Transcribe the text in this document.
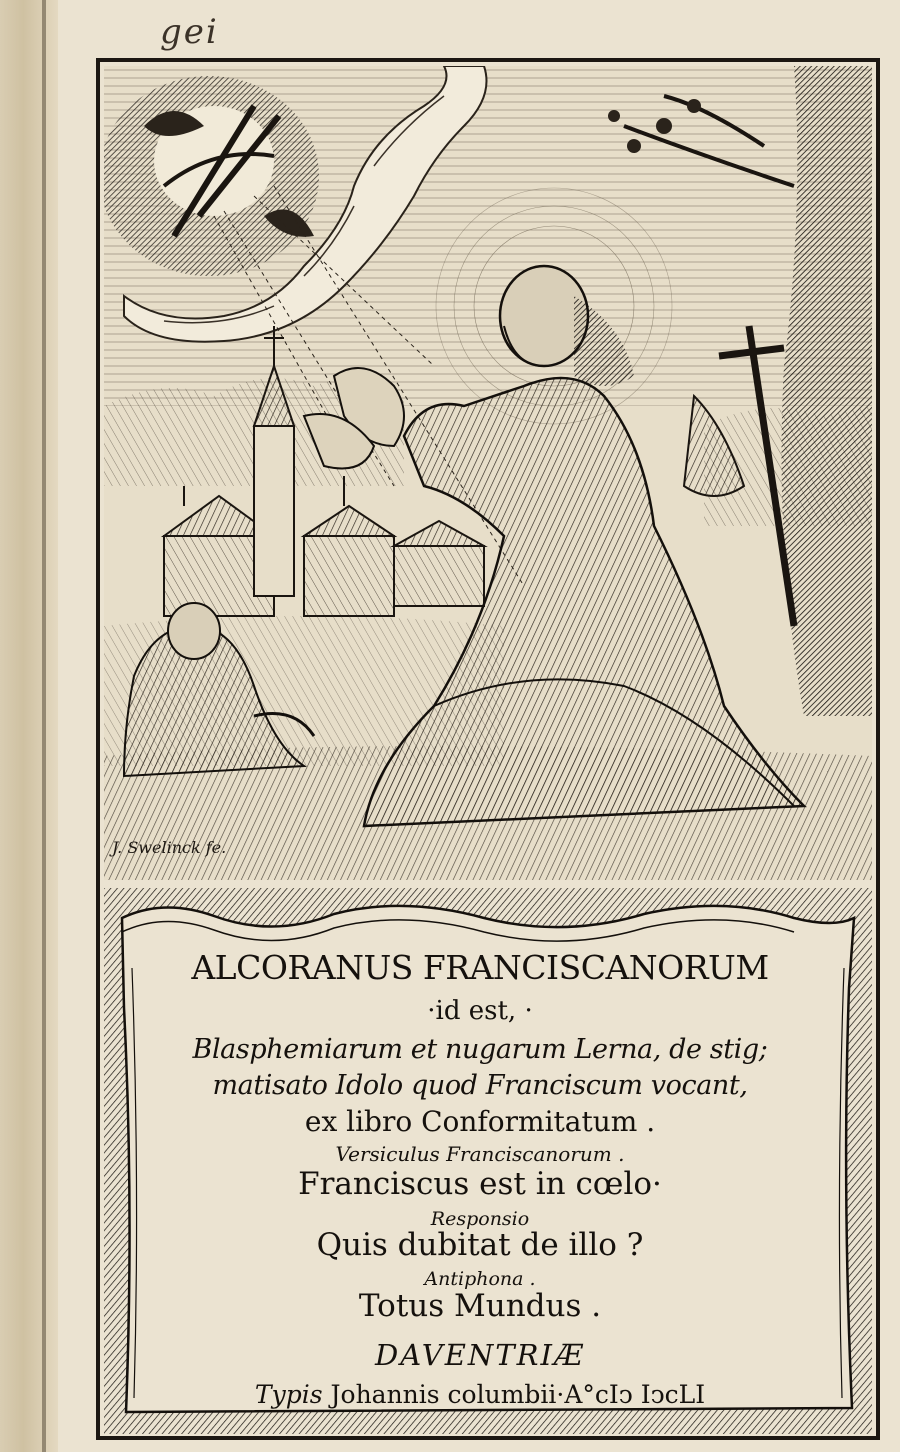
gei
J. Swelinck fe.
ALCORANUS FRANCISCANORUM
·id est, ·
Blasphemiarum et nugarum Lerna, de stig;
matisato Idolo quod Franciscum vocant,
ex libro Conformitatum .
Versiculus Franciscanorum .
Franciscus est in cœlo·
Responsio
Quis dubitat de illo ?
Antiphona .
Totus Mundus .
DAVENTRIÆ
Typis Johannis columbii·A°cIↄ IↄcLI
